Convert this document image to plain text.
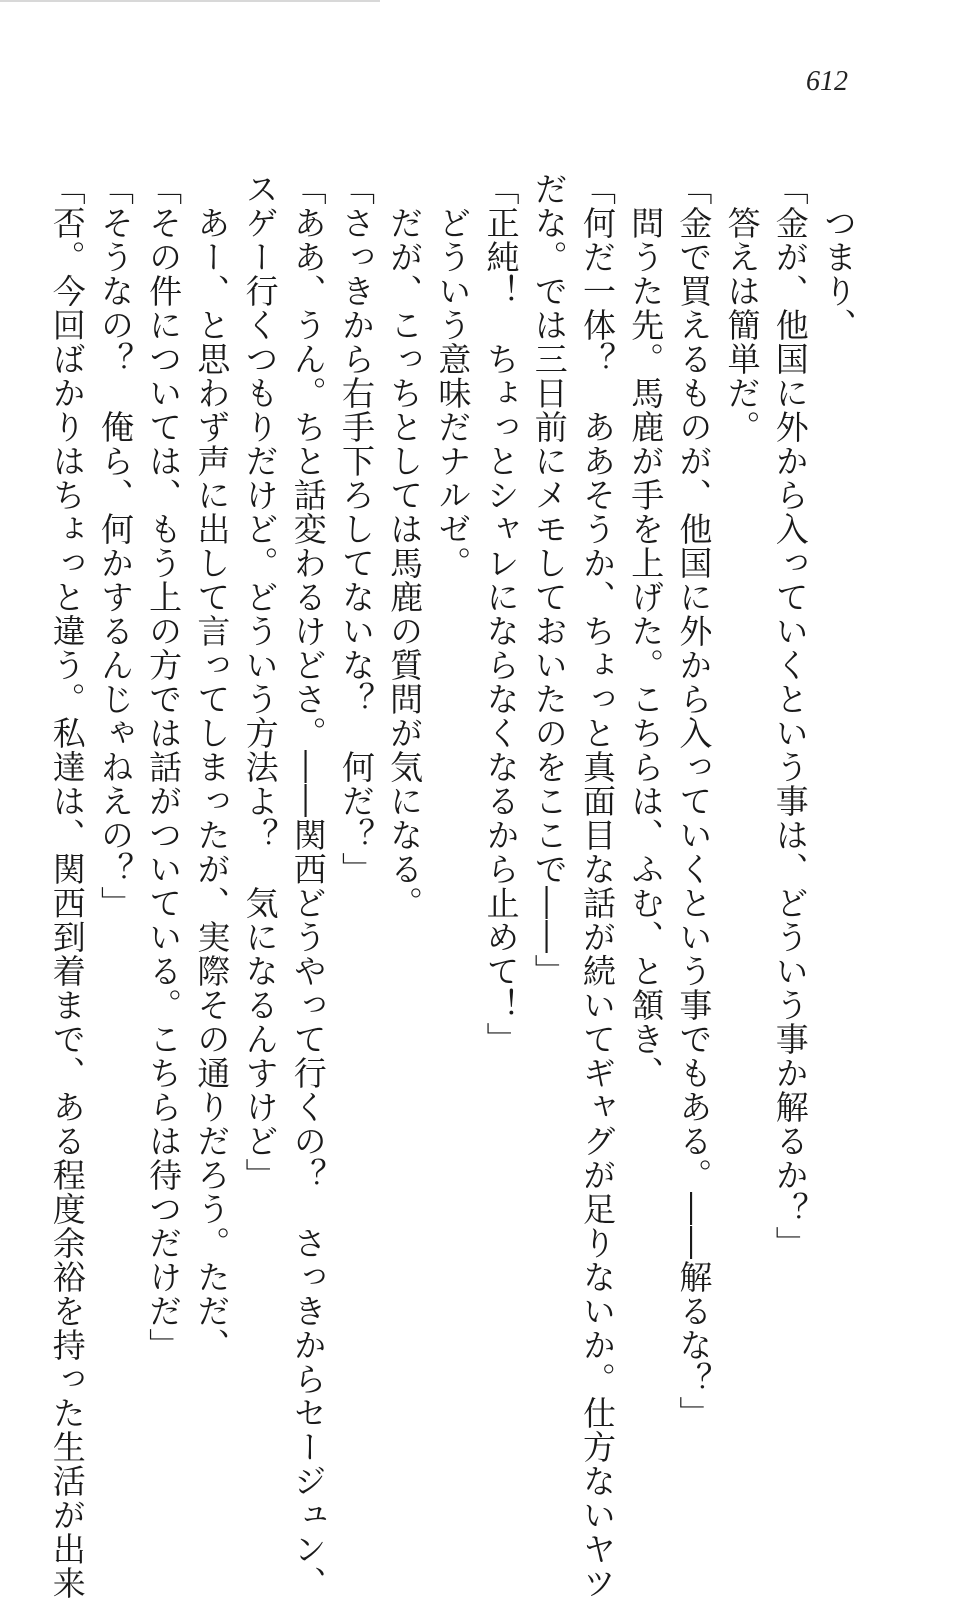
612
　つまり、
「金が、他国に外から入っていくという事は、どういう事か解るか？」
　答えは簡単だ。
「金で買えるものが、他国に外から入っていくという事でもある。――解るな？」
　問うた先。馬鹿が手を上げた。こちらは、ふむ、と頷き、
「何だ一体？　ああそうか、ちょっと真面目な話が続いてギャグが足りないか。仕方ないヤツ
だな。では三日前にメモしておいたのをここで――」
「正純！　ちょっとシャレにならなくなるから止めて！」
　どういう意味だナルゼ。
　だが、こっちとしては馬鹿の質問が気になる。
「さっきから右手下ろしてないな？　何だ？」
「ああ、うん。ちと話変わるけどさ。――関西どうやって行くの？　さっきからセージュン、
スゲー行くつもりだけど。どういう方法よ？　気になるんすけど」
　あー、と思わず声に出して言ってしまったが、実際その通りだろう。ただ、
「その件については、もう上の方では話がついている。こちらは待つだけだ」
「そうなの？　俺ら、何かするんじゃねえの？」
「否。今回ばかりはちょっと違う。私達は、関西到着まで、ある程度余裕を持った生活が出来
